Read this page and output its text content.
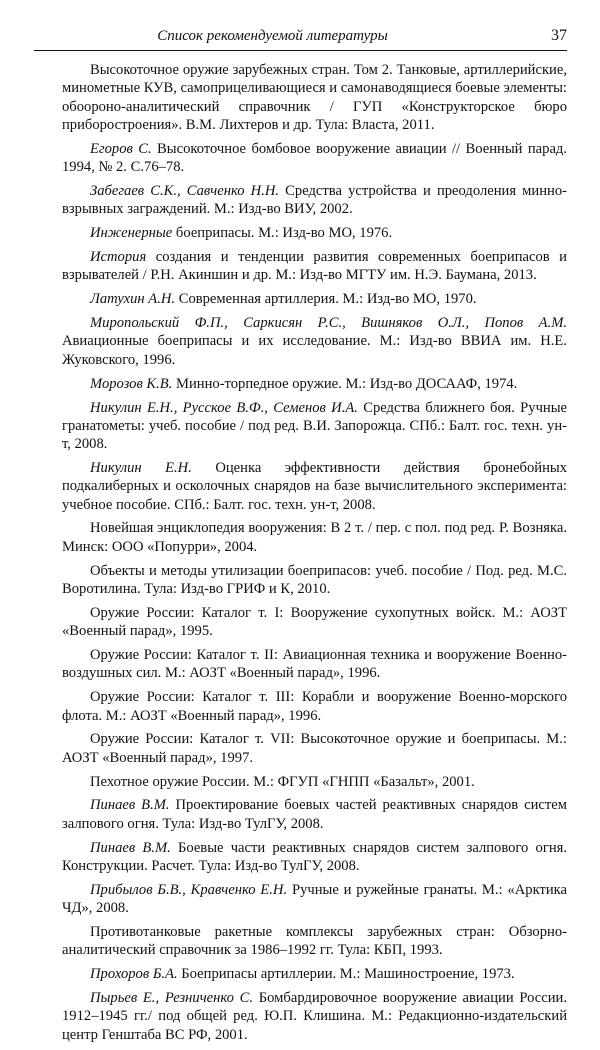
Список рекомендуемой литературы	37

Высокоточное оружие зарубежных стран. Том 2. Танковые, артиллерийские, минометные КУВ, самоприцеливающиеся и самонаводящиеся боевые элементы: обоороно-аналитический справочник / ГУП «Конструкторское бюро приборостроения». В.М. Лихтеров и др. Тула: Власта, 2011.

Егоров С. Высокоточное бомбовое вооружение авиации // Военный парад. 1994, № 2. С.76–78.

Забегаев С.К., Савченко Н.Н. Средства устройства и преодоления минно-взрывных заграждений. М.: Изд-во ВИУ, 2002.

Инженерные боеприпасы. М.: Изд-во МО, 1976.

История создания и тенденции развития современных боеприпасов и взрывателей / Р.Н. Акиншин и др. М.: Изд-во МГТУ им. Н.Э. Баумана, 2013.

Латухин А.Н. Современная артиллерия. М.: Изд-во МО, 1970.

Миропольский Ф.П., Саркисян Р.С., Вишняков О.Л., Попов А.М. Авиационные боеприпасы и их исследование. М.: Изд-во ВВИА им. Н.Е. Жуковского, 1996.

Морозов К.В. Минно-торпедное оружие. М.: Изд-во ДОСААФ, 1974.

Никулин Е.Н., Русское В.Ф., Семенов И.А. Средства ближнего боя. Ручные гранатометы: учеб. пособие / под ред. В.И. Запорожца. СПб.: Балт. гос. техн. ун-т, 2008.

Никулин Е.Н. Оценка эффективности действия бронебойных подкалиберных и осколочных снарядов на базе вычислительного эксперимента: учебное пособие. СПб.: Балт. гос. техн. ун-т, 2008.

Новейшая энциклопедия вооружения: В 2 т. / пер. с пол. под ред. Р. Возняка. Минск: ООО «Попурри», 2004.

Объекты и методы утилизации боеприпасов: учеб. пособие / Под. ред. М.С. Воротилина. Тула: Изд-во ГРИФ и К, 2010.

Оружие России: Каталог т. I: Вооружение сухопутных войск. М.: АОЗТ «Военный парад», 1995.

Оружие России: Каталог т. II: Авиационная техника и вооружение Военно-воздушных сил. М.: АОЗТ «Военный парад», 1996.

Оружие России: Каталог т. III: Корабли и вооружение Военно-морского флота. М.: АОЗТ «Военный парад», 1996.

Оружие России: Каталог т. VII: Высокоточное оружие и боеприпасы. М.: АОЗТ «Военный парад», 1997.

Пехотное оружие России. М.: ФГУП «ГНПП «Базальт», 2001.

Пинаев В.М. Проектирование боевых частей реактивных снарядов систем залпового огня. Тула: Изд-во ТулГУ, 2008.

Пинаев В.М. Боевые части реактивных снарядов систем залпового огня. Конструкции. Расчет. Тула: Изд-во ТулГУ, 2008.

Прибылов Б.В., Кравченко Е.Н. Ручные и ружейные гранаты. М.: «Арктика ЧД», 2008.

Противотанковые ракетные комплексы зарубежных стран: Обзорно-аналитический справочник за 1986–1992 гг. Тула: КБП, 1993.

Прохоров Б.А. Боеприпасы артиллерии. М.: Машиностроение, 1973.

Пырьев Е., Резниченко С. Бомбардировочное вооружение авиации России. 1912–1945 гг./ под общей ред. Ю.П. Клишина. М.: Редакционно-издательский центр Генштаба ВС РФ, 2001.
